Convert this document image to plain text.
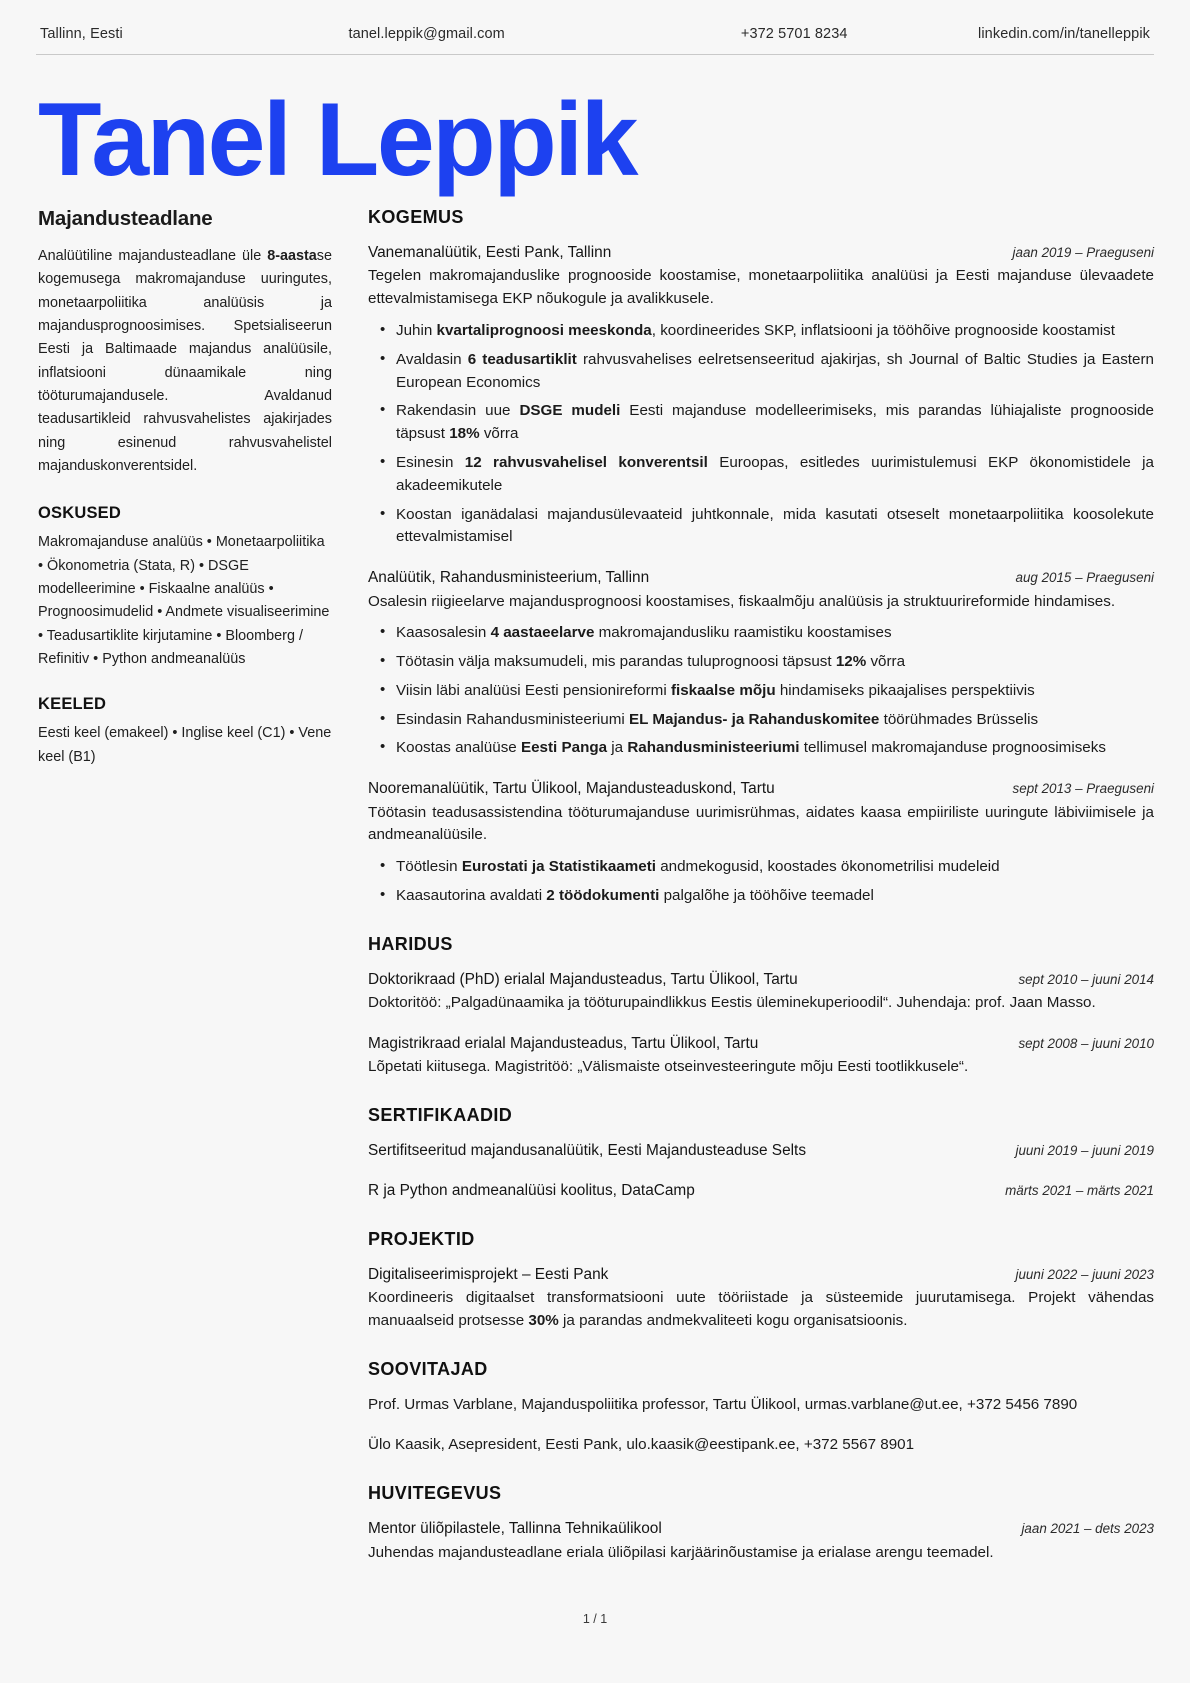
Tallinn, Eesti	tanel.leppik@gmail.com	+372 5701 8234	linkedin.com/in/tanelleppik
Tanel Leppik
Majandusteadlane
Analüütiline majandusteadlane üle 8-aastase kogemusega makromajanduse uuringutes, monetaarpoliitika analüüsis ja majandusprognoosimises. Spetsialiseerun Eesti ja Baltimaade majandus analüüsile, inflatsiooni dünaamikale ning tööturumajandusele. Avaldanud teadusartikleid rahvusvahelistes ajakirjades ning esinenud rahvusvahelistel majanduskonverentsidel.
OSKUSED
Makromajanduse analüüs • Monetaarpoliitika • Ökonometria (Stata, R) • DSGE modelleerimine • Fiskaalne analüüs • Prognoosimudelid • Andmete visualiseerimine • Teadusartiklite kirjutamine • Bloomberg / Refinitiv • Python andmeanalüüs
KEELED
Eesti keel (emakeel) • Inglise keel (C1) • Vene keel (B1)
KOGEMUS
Vanemanalüütik, Eesti Pank, Tallinn	jaan 2019 – Praeguseni
Tegelen makromajanduslike prognooside koostamise, monetaarpoliitika analüüsi ja Eesti majanduse ülevaadete ettevalmistamisega EKP nõukogule ja avalikkusele.
• Juhin kvartaliprognoosi meeskonda, koordineerides SKP, inflatsiooni ja tööhõive prognooside koostamist
• Avaldasin 6 teadusartiklit rahvusvahelises eelretsenseeritud ajakirjas, sh Journal of Baltic Studies ja Eastern European Economics
• Rakendasin uue DSGE mudeli Eesti majanduse modelleerimiseks, mis parandas lühiajaliste prognooside täpsust 18% võrra
• Esinesin 12 rahvusvahelisel konverentsil Euroopas, esitledes uurimistulemusi EKP ökonomistidele ja akadeemikutele
• Koostan iganädalasi majandusülevaateid juhtkonnale, mida kasutati otseselt monetaarpoliitika koosolekute ettevalmistamisel
Analüütik, Rahandusministeerium, Tallinn	aug 2015 – Praeguseni
Osalesin riigieelarve majandusprognoosi koostamises, fiskaalmõju analüüsis ja struktuurireformide hindamises.
• Kaasosalesin 4 aastaeelarve makromajandusliku raamistiku koostamises
• Töötasin välja maksumudeli, mis parandas tuluprognoosi täpsust 12% võrra
• Viisin läbi analüüsi Eesti pensionireformi fiskaalse mõju hindamiseks pikaajalises perspektiivis
• Esindasin Rahandusministeeriumi EL Majandus- ja Rahanduskomitee töörühmades Brüsselis
• Koostas analüüse Eesti Panga ja Rahandusministeeriumi tellimusel makromajanduse prognoosimiseks
Nooremanalüütik, Tartu Ülikool, Majandusteaduskond, Tartu	sept 2013 – Praeguseni
Töötasin teadusassistendina tööturumajanduse uurimisrühmas, aidates kaasa empiiriliste uuringute läbiviimisele ja andmeanalüüsile.
• Töötlesin Eurostati ja Statistikaameti andmekogusid, koostades ökonometrilisi mudeleid
• Kaasautorina avaldati 2 töödokumenti palgalõhe ja tööhõive teemadel
HARIDUS
Doktorikraad (PhD) erialal Majandusteadus, Tartu Ülikool, Tartu	sept 2010 – juuni 2014
Doktoritöö: „Palgadünaamika ja tööturupaindlikkus Eestis üleminekuperioodil“. Juhendaja: prof. Jaan Masso.
Magistrikraad erialal Majandusteadus, Tartu Ülikool, Tartu	sept 2008 – juuni 2010
Lõpetati kiitusega. Magistritöö: „Välismaiste otseinvesteeringute mõju Eesti tootlikkusele“.
SERTIFIKAADID
Sertifitseeritud majandusanalüütik, Eesti Majandusteaduse Selts	juuni 2019 – juuni 2019
R ja Python andmeanalüüsi koolitus, DataCamp	märts 2021 – märts 2021
PROJEKTID
Digitaliseerimisprojekt – Eesti Pank	juuni 2022 – juuni 2023
Koordineeris digitaalset transformatsiooni uute tööriistade ja süsteemide juurutamisega. Projekt vähendas manuaalseid protsesse 30% ja parandas andmekvaliteeti kogu organisatsioonis.
SOOVITAJAD
Prof. Urmas Varblane, Majanduspoliitika professor, Tartu Ülikool, urmas.varblane@ut.ee, +372 5456 7890
Ülo Kaasik, Asepresident, Eesti Pank, ulo.kaasik@eestipank.ee, +372 5567 8901
HUVITEGEVUS
Mentor üliõpilastele, Tallinna Tehnikaülikool	jaan 2021 – dets 2023
Juhendas majandusteadlane eriala üliõpilasi karjäärinõustamise ja erialase arengu teemadel.
1 / 1
